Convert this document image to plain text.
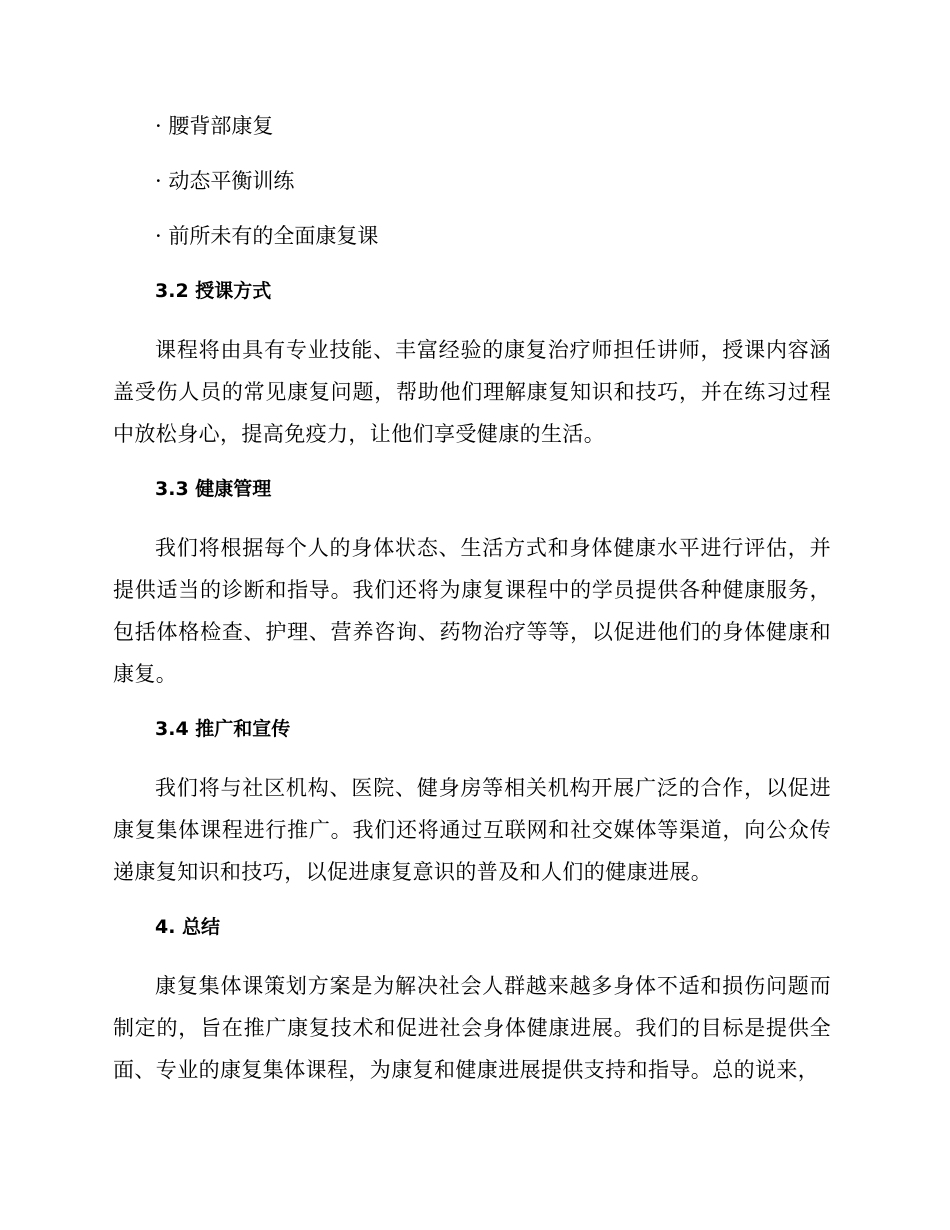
· 腰背部康复
· 动态平衡训练
· 前所未有的全面康复课
3.2 授课方式

课程将由具有专业技能、丰富经验的康复治疗师担任讲师，授课内容涵盖受伤人员的常见康复问题，帮助他们理解康复知识和技巧，并在练习过程中放松身心，提高免疫力，让他们享受健康的生活。

3.3 健康管理

我们将根据每个人的身体状态、生活方式和身体健康水平进行评估，并提供适当的诊断和指导。我们还将为康复课程中的学员提供各种健康服务，包括体格检查、护理、营养咨询、药物治疗等等，以促进他们的身体健康和康复。

3.4 推广和宣传

我们将与社区机构、医院、健身房等相关机构开展广泛的合作，以促进康复集体课程进行推广。我们还将通过互联网和社交媒体等渠道，向公众传递康复知识和技巧，以促进康复意识的普及和人们的健康进展。

4. 总结

康复集体课策划方案是为解决社会人群越来越多身体不适和损伤问题而制定的，旨在推广康复技术和促进社会身体健康进展。我们的目标是提供全面、专业的康复集体课程，为康复和健康进展提供支持和指导。总的说来，
